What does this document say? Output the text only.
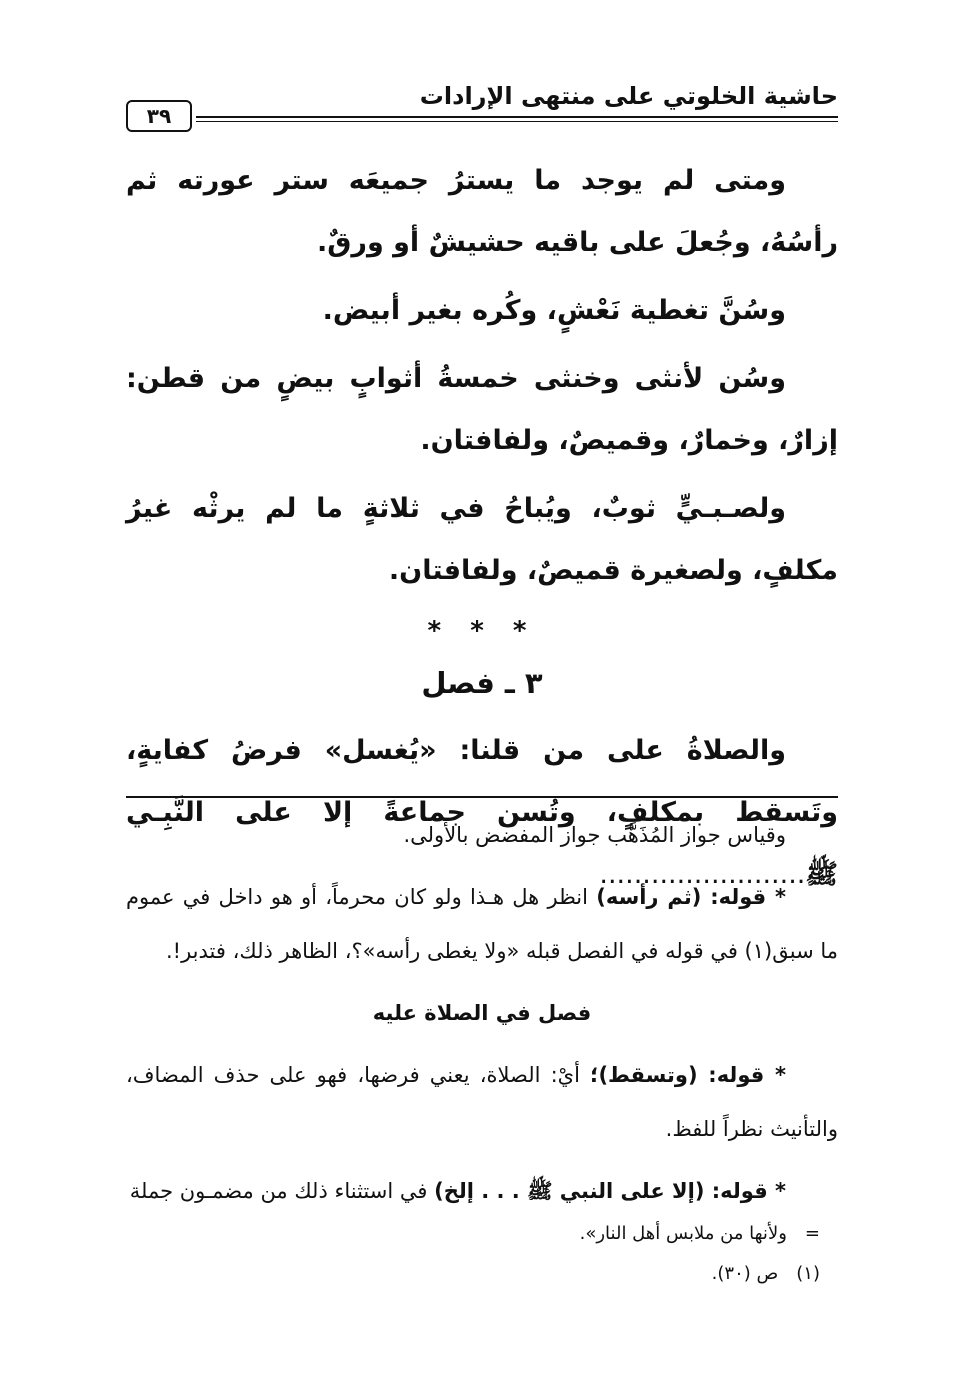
حاشية الخلوتي على منتهى الإرادات
٣٩

ومتى لم يوجد ما يسترُ جميعَه ستر عورته ثم رأسُهُ، وجُعلَ على باقيه حشيشٌ أو ورقٌ.

وسُنَّ تغطية نَعْشٍ، وكُره بغير أبيض.

وسُن لأنثى وخنثى خمسةُ أثوابٍ بيضٍ من قطن: إزارٌ، وخمارٌ، وقميصٌ، ولفافتان.

ولصـبـيٍّ ثوبٌ، ويُباحُ في ثلاثةٍ ما لم يرثْه غيرُ مكلفٍ، ولصغيرة قميصٌ، ولفافتان.

* * *
٣ ـ فصل

والصلاةُ على من قلنا: «يُغسل» فرضُ كفايةٍ، وتَسقط بمكلفٍ، وتُسن جماعةً إلا على النَّبِـي ﷺ........................

وقياس جواز المُذَهَّب جواز المفضض بالأولى.

* قوله: (ثم رأسه) انظر هل هـذا ولو كان محرماً، أو هو داخل في عموم ما سبق(١) في قوله في الفصل قبله «ولا يغطى رأسه»؟، الظاهر ذلك، فتدبر!.

فصل في الصلاة عليه

* قوله: (وتسقط)؛ أيْ: الصلاة، يعني فرضها، فهو على حذف المضاف، والتأنيث نظراً للفظ.

* قوله: (إلا على النبي ﷺ . . . إلخ) في استثناء ذلك من مضمـون جملة

=ولأنها من ملابس أهل النار».

(١)ص (٣٠).
